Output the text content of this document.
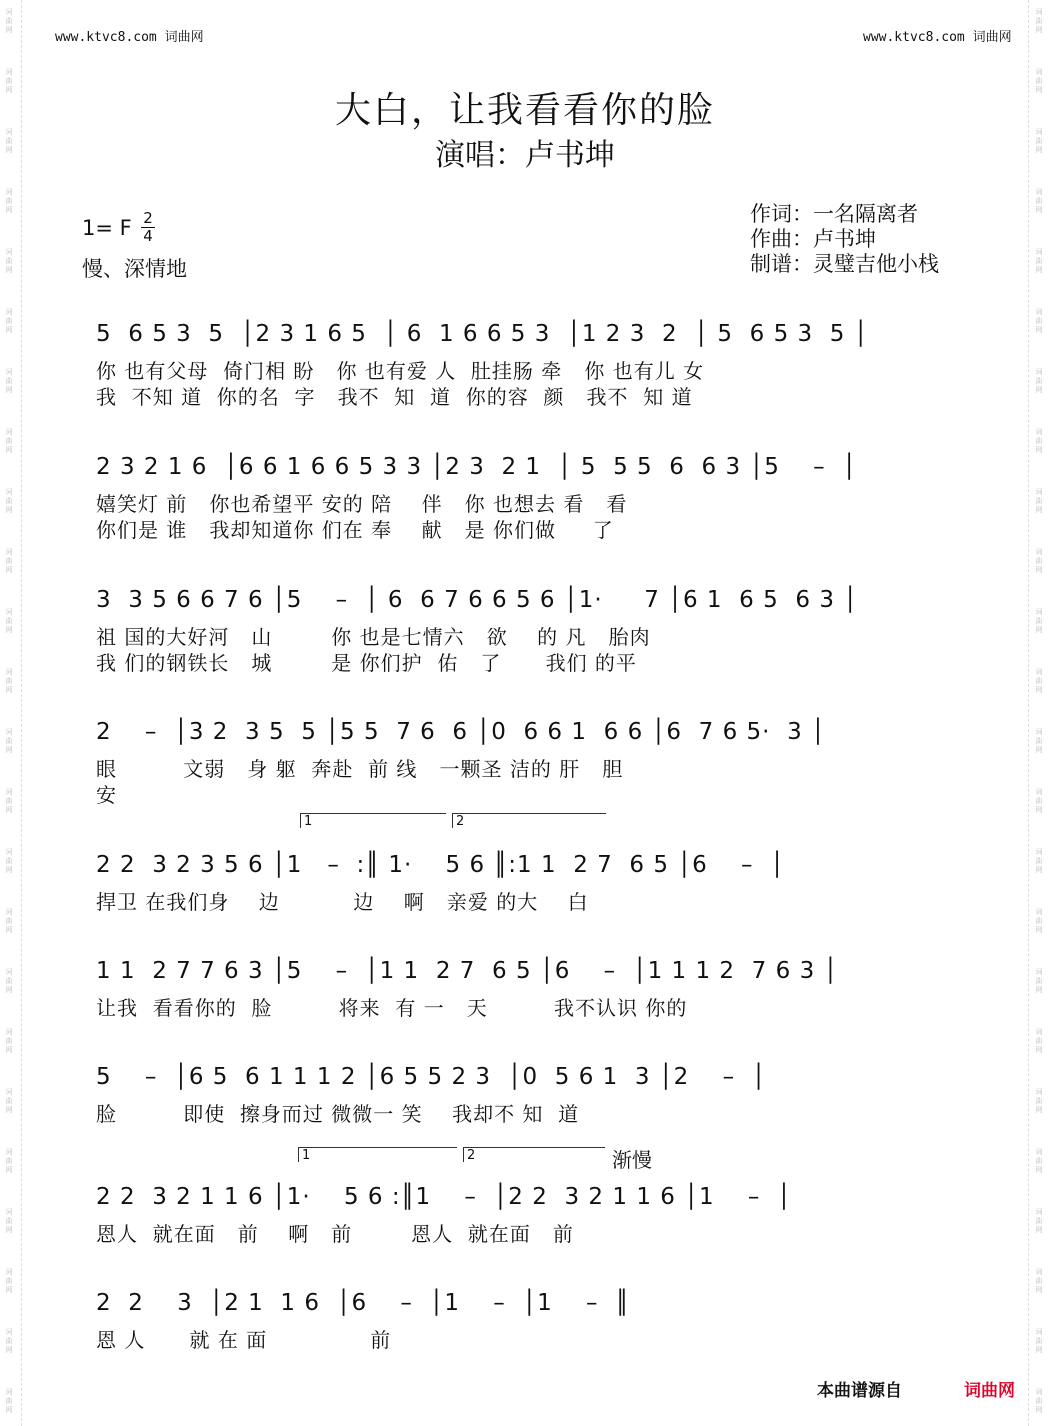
词曲网
词曲网
词曲网
词曲网
词曲网
词曲网
词曲网
词曲网
词曲网
词曲网
词曲网
词曲网
词曲网
词曲网
词曲网
词曲网
词曲网
词曲网
词曲网
词曲网
词曲网
词曲网
词曲网
词曲网
词曲网
词曲网
词曲网
词曲网
词曲网
词曲网
词曲网
词曲网
词曲网
词曲网
词曲网
词曲网
词曲网
词曲网
词曲网
词曲网
词曲网
词曲网
词曲网
词曲网
词曲网
词曲网
词曲网
词曲网
www.ktvc8.com 词曲网	www.ktvc8.com 词曲网
大白，让我看看你的脸
演唱：卢书坤
1= F 2
4
慢、深情地
作词：一名隔离者
作曲：卢书坤
制谱：灵璧吉他小栈
5  6 5 3  5  │2 3 1 6 5  │ 6  1 6 6 5 3  │1 2 3  2  │ 5  6 5 3  5 │
你 也有父母  倚门相 盼   你 也有爱 人  肚挂肠 牵   你 也有儿 女
我  不知 道  你的名  字   我不  知  道  你的容  颜   我不  知 道
2 3 2 1 6  │6 6 1 6 6 5 3 3 │2 3  2 1  │ 5  5 5  6  6 3 │5    –  │
嬉笑灯 前   你也希望平 安的 陪    伴   你 也想去 看   看
你们是 谁   我却知道你 们在 奉    献   是 你们做     了
3  3 5 6 6 7 6 │5    –  │ 6  6 7 6 6 5 6 │1·     7 │6 1  6 5  6 3 │
祖 国的大好河   山        你 也是七情六   欲    的 凡   胎肉
我 们的钢铁长   城        是 你们护  佑   了      我们 的平
2    –  │3 2  3 5  5 │5 5  7 6  6 │0  6 6 1  6 6 │6  7 6 5·  3 │
眼         文弱   身 躯  奔赴  前 线   一颗圣 洁的 肝   胆
安
1	2
2 2  3 2 3 5 6 │1   –  :║ 1·    5 6 ║:1 1  2 7  6 5 │6    –  │
捍卫 在我们身    边          边    啊   亲爱 的大    白
1 1  2 7 7 6 3 │5    –  │1 1  2 7  6 5 │6    –  │1 1 1 2  7 6 3 │
让我  看看你的  脸         将来  有 一   天         我不认识 你的
5    –  │6 5  6 1 1 1 2 │6 5 5 2 3  │0  5 6 1  3 │2    –  │
脸         即使  擦身而过 微微一 笑    我却不 知  道
1	2	渐慢
2 2  3 2 1 1 6 │1·    5 6 :║1    –  │2 2  3 2 1 1 6 │1    –  │
恩人  就在面   前    啊   前        恩人  就在面   前
2  2    3  │2 1  1 6  │6    –  │1    –  │1    –  ║
恩 人      就 在 面              前
本曲谱源自	词曲网
